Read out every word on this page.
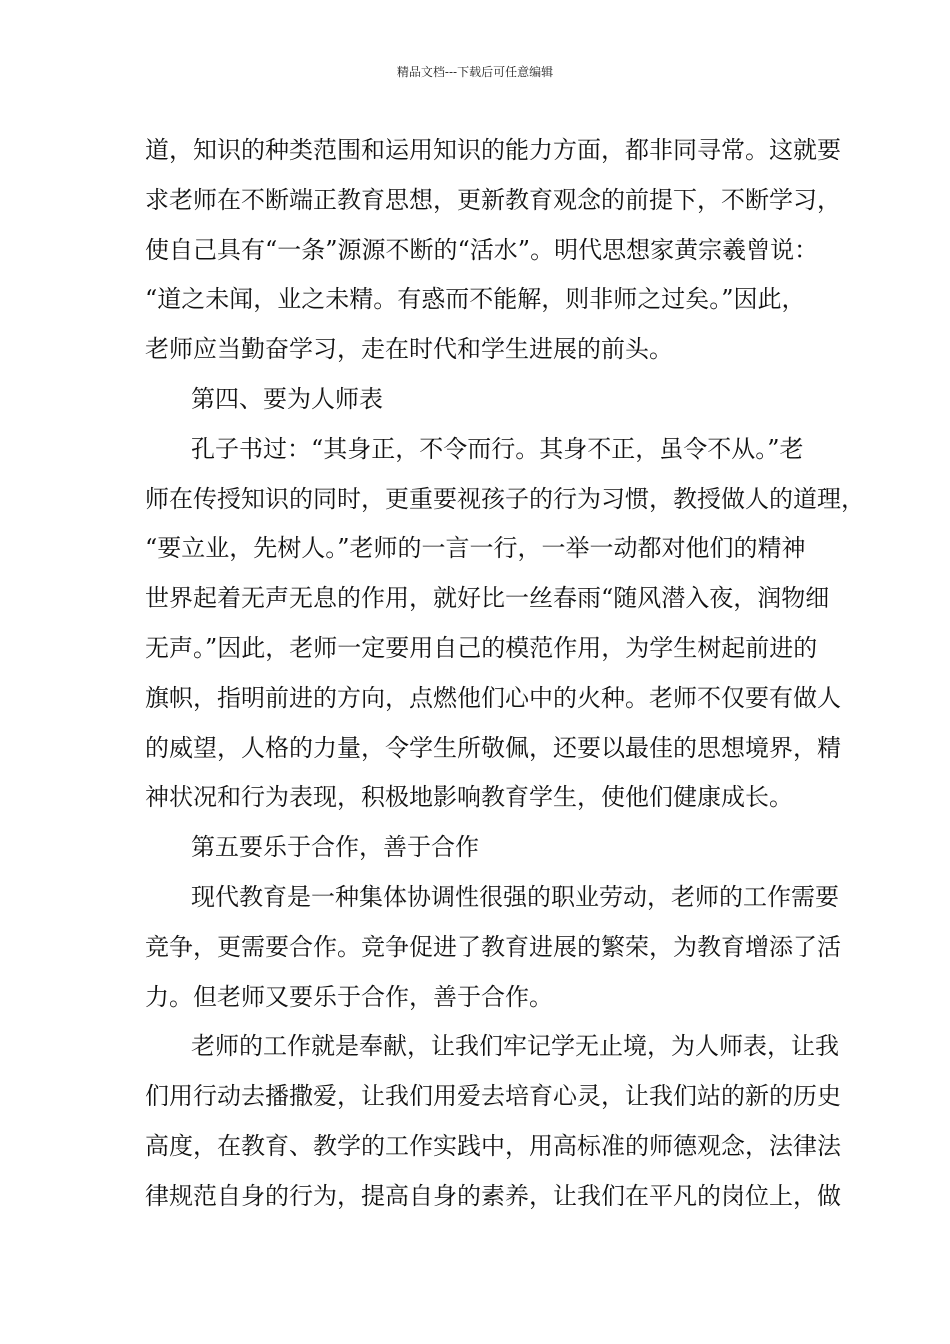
精品文档---下载后可任意编辑
道，知识的种类范围和运用知识的能力方面，都非同寻常。这就要
求老师在不断端正教育思想，更新教育观念的前提下，不断学习，
使自己具有“一条”源源不断的“活水”。明代思想家黄宗羲曾说：
“道之未闻，业之未精。有惑而不能解，则非师之过矣。”因此，
老师应当勤奋学习，走在时代和学生进展的前头。
第四、要为人师表
孔子书过：“其身正，不令而行。其身不正，虽令不从。”老
师在传授知识的同时，更重要视孩子的行为习惯，教授做人的道理，
“要立业，先树人。”老师的一言一行，一举一动都对他们的精神
世界起着无声无息的作用，就好比一丝春雨“随风潜入夜，润物细
无声。”因此，老师一定要用自己的模范作用，为学生树起前进的
旗帜，指明前进的方向，点燃他们心中的火种。老师不仅要有做人
的威望，人格的力量，令学生所敬佩，还要以最佳的思想境界，精
神状况和行为表现，积极地影响教育学生，使他们健康成长。
第五要乐于合作，善于合作
现代教育是一种集体协调性很强的职业劳动，老师的工作需要
竞争，更需要合作。竞争促进了教育进展的繁荣，为教育增添了活
力。但老师又要乐于合作，善于合作。
老师的工作就是奉献，让我们牢记学无止境，为人师表，让我
们用行动去播撒爱，让我们用爱去培育心灵，让我们站的新的历史
高度，在教育、教学的工作实践中，用高标准的师德观念，法律法
律规范自身的行为，提高自身的素养，让我们在平凡的岗位上，做
